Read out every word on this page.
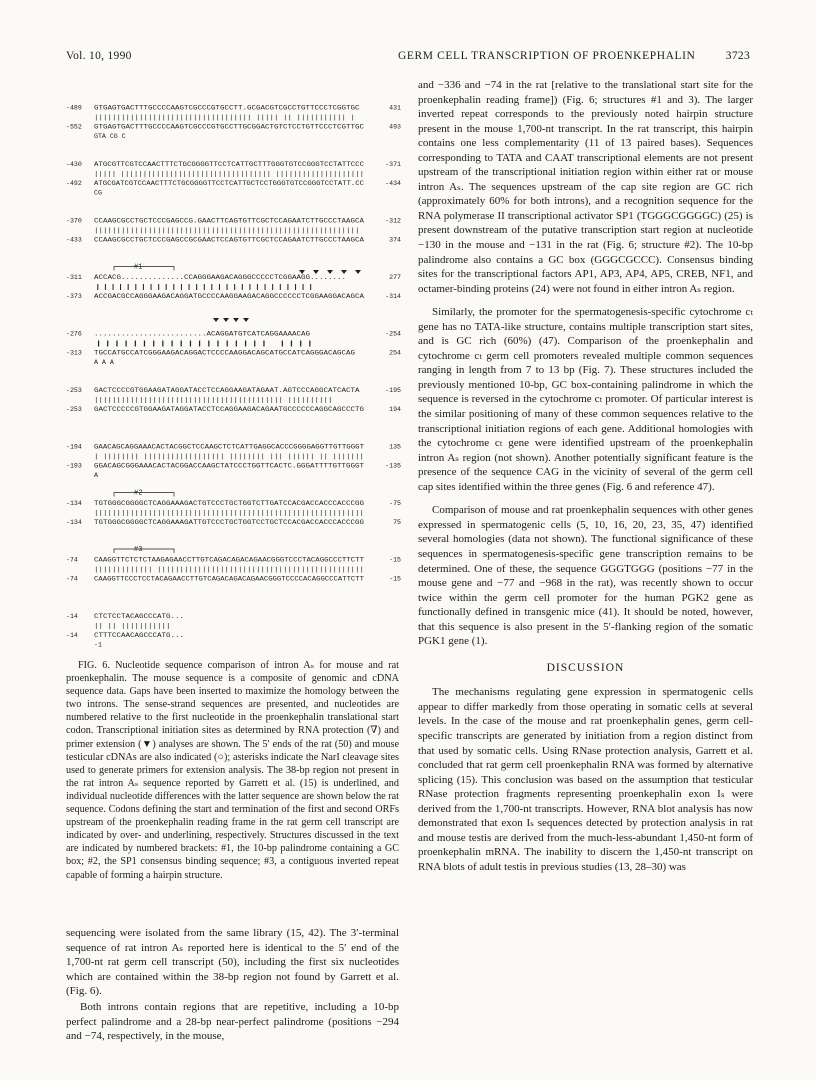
Vol. 10, 1990	GERM CELL TRANSCRIPTION OF PROENKEPHALIN	3723
-489 GTGAGTGACTTTGCCCCAAGTCGCCCGTGCCTT.GCGACGTCGCCTGTTCCCTCGGTGC	431
||||||||||||||||||||||||||||||||||| ||||| || ||||||||||| |
-552 GTGAGTGACTTTGCCCCAAGTCGCCCGTGCCTTGCGGACTGTCTCCTGTTCCCTCGTTGC	493
GTA CG C
-430 ATGCGTTCGTCCAACTTTCTGCGGGGTTCCTCATTGCTTTGGGTGTCCGGGTCCTATTCCC	-371
||||| |||||||||||||||||||||||||||||||||| ||||||||||||||||||||
-492 ATGCGATCGTCCAACTTTCTGCGGGGTTCCTCATTGCTCCTGGGTGTCCGGGTCCTATT.CC	-434
CG
-370 CCAAGCGCCTGCTCCCGAGCCG.GAACTTCAGTGTTCGCTCCAGAATCTTGCCCTAAGCA	-312
|||||||||||||||||||||||||||||||||||||||||||||||||||||||||||
-433 CCAAGCGCCTGCTCCCGAGCCGCGAACTCCAGTGTTCGCTCCAGAATCTTGCCCTAAGCA	374
-311 ACCACG..............CCAGGGAAGACAGGGCCCCCTCGGAAGG........	277
|||||||||||||||||||||||||||||
-373 ACCGACGCCAGGGAAGACAGGATGCCCCAAGGAAGACAGGCCCCCCTCGGAAGGACAGCA	-314
#1
-276 .........................ACAGGATGTCATCAGGAAAACAG	-254
||||||||||||||||||| ||||
-313 TGCCATGCCATCGGGAAGACAGGACTCCCCAAGGACAGCATGCCATCAGGGACAGCAG	254
A A A
-253 GACTCCCCGTGGAAGATAGGATACCTCCAGGAAGATAGAAT.AGTCCCAGGCATCACTA	-195
|||||||||||||||||||||||||||||||||||||||||| ||||||||||
-253 GACTCCCCCGTGGAAGATAGGATACCTCCAGGAAGACAGAATGCCCCCCAGGCAGCCCTG	194
-194 GAACAGCAGGAAACACTACGGCTCCAAGCTCTCATTGAGGCACCCGGGGAGGTTGTTGGGT	135
| |||||||| |||||||||||||||||| |||||||| ||| |||||| || |||||||
-193 GGACAGCGGGAAACACTACGGACCAAGCTATCCCTGGTTCACTC.GGGATTTTGTTGGGT	-135
A
-134 TGTGGGCGGGGCTCAGGAAAGACTGTCCCTGCTGGTCTTGATCCACGACCACCCACCCGG	-75
||||||||||||||||||||||||||||||||||||||||||||||||||||||||||||
-134 TGTGGGCGGGGCTCAGGAAAGATTGTCCCTGCTGGTCCTGCTCCACGACCACCCACCCGG	75
#2
-74 CAAGGTTCTCTCTAAGAGAACCTTGTCAGACAGACAGAACGGGTCCCTACAGGCCCTTCTT	-15
||||||||||||| ||||||||||||||||||||||||||||||||||||||||||||||
-74 CAAGGTTCCCTCCTACAGAACCTTGTCAGACAGACAGAACGGGTCCCCACAGGCCCATTCTT	-15
#3
-14 CTCTCCTACAGCCCATG...
|| || |||||||||||
-14 CTTTCCAACAGCCCATG...
-1

FIG. 6. Nucleotide sequence comparison of intron Aₛ for mouse and rat proenkephalin. The mouse sequence is a composite of genomic and cDNA sequence data. Gaps have been inserted to maximize the homology between the two introns. The sense-strand sequences are presented, and nucleotides are numbered relative to the first nucleotide in the proenkephalin translational start codon. Transcriptional initiation sites as determined by RNA protection (∇) and primer extension (▼) analyses are shown. The 5′ ends of the rat (50) and mouse testicular cDNAs are also indicated (○); asterisks indicate the NarI cleavage sites used to generate primers for extension analysis. The 38-bp region not present in the rat intron Aₛ sequence reported by Garrett et al. (15) is underlined, and individual nucleotide differences with the latter sequence are shown below the rat sequence. Codons defining the start and termination of the first and second ORFs upstream of the proenkephalin reading frame in the rat germ cell transcript are indicated by over- and underlining, respectively. Structures discussed in the text are indicated by numbered brackets: #1, the 10-bp palindrome containing a GC box; #2, the SP1 consensus binding sequence; #3, a contiguous inverted repeat capable of forming a hairpin structure.

sequencing were isolated from the same library (15, 42). The 3′-terminal sequence of rat intron Aₛ reported here is identical to the 5′ end of the 1,700-nt rat germ cell transcript (50), including the first six nucleotides which are contained within the 38-bp region not found by Garrett et al. (Fig. 6).

Both introns contain regions that are repetitive, including a 10-bp perfect palindrome and a 28-bp near-perfect palindrome (positions −294 and −74, respectively, in the mouse,

and −336 and −74 in the rat [relative to the translational start site for the proenkephalin reading frame]) (Fig. 6; structures #1 and 3). The larger inverted repeat corresponds to the previously noted hairpin structure present in the mouse 1,700-nt transcript. In the rat transcript, this hairpin contains one less complementarity (11 of 13 paired bases). Sequences corresponding to TATA and CAAT transcriptional elements are not present upstream of the transcriptional initiation region within either rat or mouse intron Aₛ. The sequences upstream of the cap site region are GC rich (approximately 60% for both introns), and a recognition sequence for the RNA polymerase II transcriptional activator SP1 (TGGGCGGGGC) (25) is present downstream of the putative transcription start region at nucleotide −130 in the mouse and −131 in the rat (Fig. 6; structure #2). The 10-bp palindrome also contains a GC box (GGGCGCCC). Consensus binding sites for the transcriptional factors AP1, AP3, AP4, AP5, CREB, NF1, and octamer-binding proteins (24) were not found in either intron Aₛ region.

Similarly, the promoter for the spermatogenesis-specific cytochrome cₜ gene has no TATA-like structure, contains multiple transcription start sites, and is GC rich (60%) (47). Comparison of the proenkephalin and cytochrome cₜ germ cell promoters revealed multiple common sequences ranging in length from 7 to 13 bp (Fig. 7). These structures included the previously mentioned 10-bp, GC box-containing palindrome in which the sequence is reversed in the cytochrome cₜ promoter. Of particular interest is the similar positioning of many of these common sequences relative to the transcriptional initiation regions of each gene. Additional homologies with the cytochrome cₜ gene were identified upstream of the proenkephalin intron Aₛ region (not shown). Another potentially significant feature is the presence of the sequence CAG in the vicinity of several of the germ cell cap sites identified within the three genes (Fig. 6 and reference 47).

Comparison of mouse and rat proenkephalin sequences with other genes expressed in spermatogenic cells (5, 10, 16, 20, 23, 35, 47) identified several homologies (data not shown). The functional significance of these sequences in spermatogenesis-specific gene transcription remains to be determined. One of these, the sequence GGGTGGG (positions −77 in the mouse gene and −77 and −968 in the rat), was recently shown to occur twice within the germ cell promoter for the human PGK2 gene as functionally defined in transgenic mice (41). It should be noted, however, that this sequence is also present in the 5′-flanking region of the somatic PGK1 gene (1).

DISCUSSION

The mechanisms regulating gene expression in spermatogenic cells appear to differ markedly from those operating in somatic cells at several levels. In the case of the mouse and rat proenkephalin genes, germ cell-specific transcripts are generated by initiation from a region distinct from that used by somatic cells. Using RNase protection analysis, Garrett et al. concluded that rat germ cell proenkephalin RNA was formed by alternative splicing (15). This conclusion was based on the assumption that testicular RNase protection fragments representing proenkephalin exon Iₛ were derived from the 1,700-nt transcripts. However, RNA blot analysis has now demonstrated that exon Iₛ sequences detected by protection analysis in rat and mouse testis are derived from the much-less-abundant 1,450-nt form of proenkephalin mRNA. The inability to discern the 1,450-nt transcript on RNA blots of adult testis in previous studies (13, 28–30) was
